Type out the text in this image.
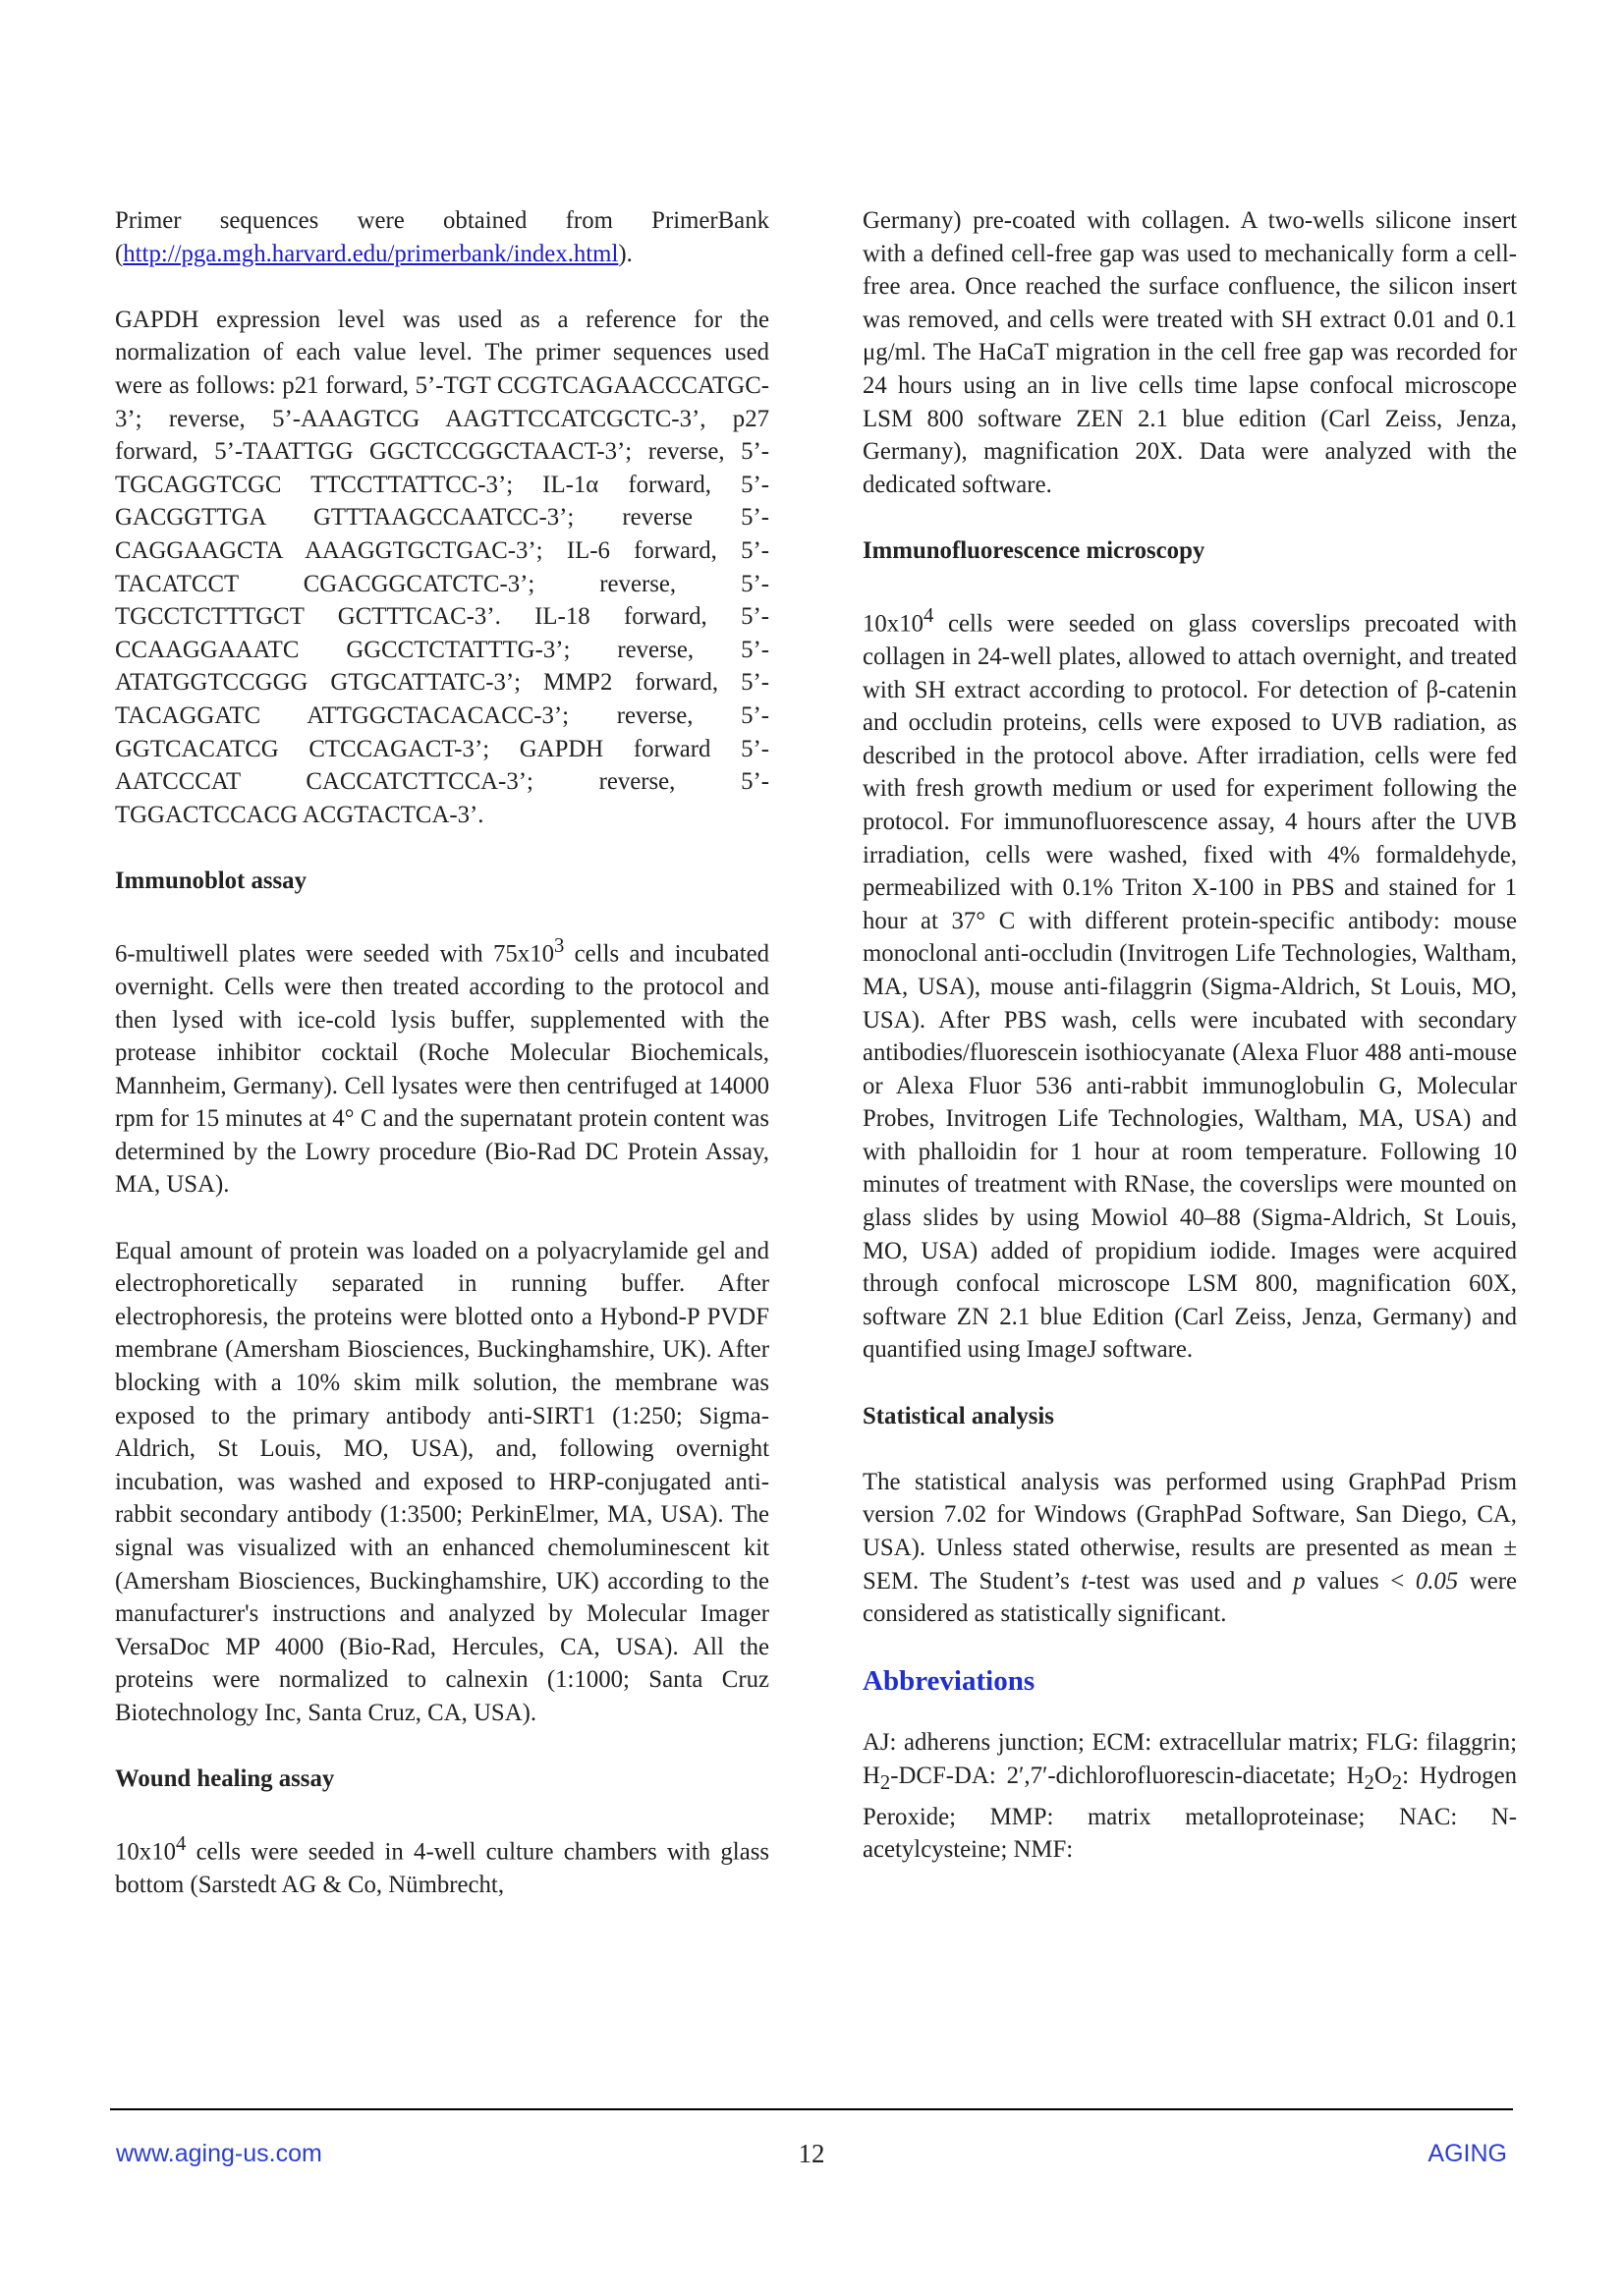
Primer sequences were obtained from PrimerBank (http://pga.mgh.harvard.edu/primerbank/index.html).

GAPDH expression level was used as a reference for the normalization of each value level. The primer sequences used were as follows: p21 forward, 5’-TGT CCGTCAGAACCCATGC-3’; reverse, 5’-AAAGTCG AAGTTCCATCGCTC-3’, p27 forward, 5’-TAATTGG GGCTCCGGCTAACT-3’; reverse, 5’-TGCAGGTCGC TTCCTTATTCC-3’; IL-1α forward, 5’-GACGGTTGA GTTTAAGCCAATCC-3’; reverse 5’-CAGGAAGCTA AAAGGTGCTGAC-3’; IL-6 forward, 5’-TACATCCT CGACGGCATCTC-3’; reverse, 5’-TGCCTCTTTGCT GCTTTCAC-3’. IL-18 forward, 5’-CCAAGGAAATC GGCCTCTATTTG-3’; reverse, 5’-ATATGGTCCGGG GTGCATTATC-3’; MMP2 forward, 5’-TACAGGATC ATTGGCTACACACC-3’; reverse, 5’-GGTCACATCG CTCCAGACT-3’; GAPDH forward 5’-AATCCCAT CACCATCTTCCA-3’; reverse, 5’- TGGACTCCACG ACGTACTCA-3’.

Immunoblot assay

6-multiwell plates were seeded with $75x10^3$ cells and incubated overnight. Cells were then treated according to the protocol and then lysed with ice-cold lysis buffer, supplemented with the protease inhibitor cocktail (Roche Molecular Biochemicals, Mannheim, Germany). Cell lysates were then centrifuged at 14000 rpm for 15 minutes at 4° C and the supernatant protein content was determined by the Lowry procedure (Bio-Rad DC Protein Assay, MA, USA).

Equal amount of protein was loaded on a polyacrylamide gel and electrophoretically separated in running buffer. After electrophoresis, the proteins were blotted onto a Hybond-P PVDF membrane (Amersham Biosciences, Buckinghamshire, UK). After blocking with a 10% skim milk solution, the membrane was exposed to the primary antibody anti-SIRT1 (1:250; Sigma-Aldrich, St Louis, MO, USA), and, following overnight incubation, was washed and exposed to HRP-conjugated anti-rabbit secondary antibody (1:3500; PerkinElmer, MA, USA). The signal was visualized with an enhanced chemoluminescent kit (Amersham Biosciences, Buckinghamshire, UK) according to the manufacturer's instructions and analyzed by Molecular Imager VersaDoc MP 4000 (Bio-Rad, Hercules, CA, USA). All the proteins were normalized to calnexin (1:1000; Santa Cruz Biotechnology Inc, Santa Cruz, CA, USA).

Wound healing assay

$10x10^4$ cells were seeded in 4-well culture chambers with glass bottom (Sarstedt AG & Co, Nümbrecht,

Germany) pre-coated with collagen. A two-wells silicone insert with a defined cell-free gap was used to mechanically form a cell-free area. Once reached the surface confluence, the silicon insert was removed, and cells were treated with SH extract 0.01 and 0.1 μg/ml. The HaCaT migration in the cell free gap was recorded for 24 hours using an in live cells time lapse confocal microscope LSM 800 software ZEN 2.1 blue edition (Carl Zeiss, Jenza, Germany), magnification 20X. Data were analyzed with the dedicated software.

Immunofluorescence microscopy

$10x10^4$ cells were seeded on glass coverslips precoated with collagen in 24-well plates, allowed to attach overnight, and treated with SH extract according to protocol. For detection of β-catenin and occludin proteins, cells were exposed to UVB radiation, as described in the protocol above. After irradiation, cells were fed with fresh growth medium or used for experiment following the protocol. For immunofluorescence assay, 4 hours after the UVB irradiation, cells were washed, fixed with 4% formaldehyde, permeabilized with 0.1% Triton X-100 in PBS and stained for 1 hour at 37° C with different protein-specific antibody: mouse monoclonal anti-occludin (Invitrogen Life Technologies, Waltham, MA, USA), mouse anti-filaggrin (Sigma-Aldrich, St Louis, MO, USA). After PBS wash, cells were incubated with secondary antibodies/fluorescein isothiocyanate (Alexa Fluor 488 anti-mouse or Alexa Fluor 536 anti-rabbit immunoglobulin G, Molecular Probes, Invitrogen Life Technologies, Waltham, MA, USA) and with phalloidin for 1 hour at room temperature. Following 10 minutes of treatment with RNase, the coverslips were mounted on glass slides by using Mowiol 40–88 (Sigma-Aldrich, St Louis, MO, USA) added of propidium iodide. Images were acquired through confocal microscope LSM 800, magnification 60X, software ZN 2.1 blue Edition (Carl Zeiss, Jenza, Germany) and quantified using ImageJ software.

Statistical analysis

The statistical analysis was performed using GraphPad Prism version 7.02 for Windows (GraphPad Software, San Diego, CA, USA). Unless stated otherwise, results are presented as mean ± SEM. The Student’s t-test was used and p values < 0.05 were considered as statistically significant.

Abbreviations

AJ: adherens junction; ECM: extracellular matrix; FLG: filaggrin; $H_2-DCF-DA$: 2′,7′-dichlorofluorescin-diacetate; $H_2O_2$: Hydrogen Peroxide; MMP: matrix metalloproteinase; NAC: N-acetylcysteine; NMF:

www.aging-us.com	12	AGING
